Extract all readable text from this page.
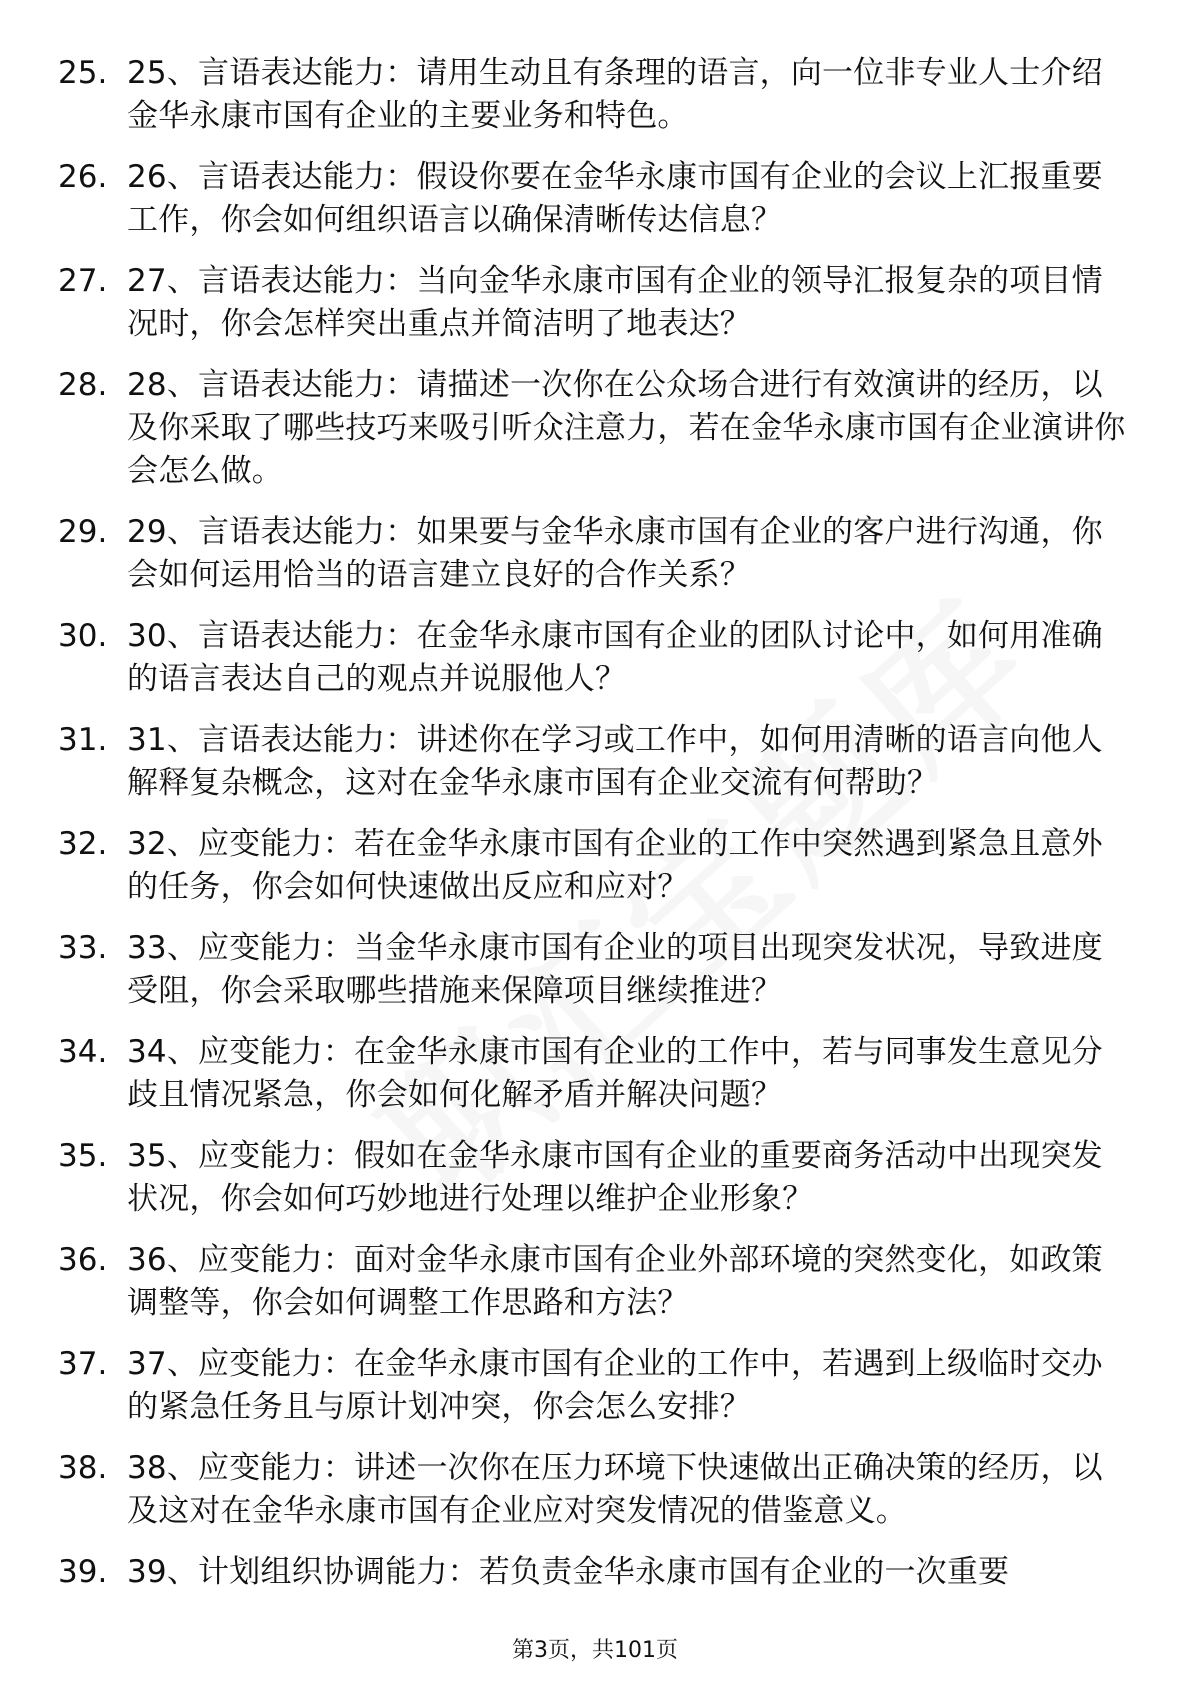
25. 25、言语表达能力：请用生动且有条理的语言，向一位非专业人士介绍金华永康市国有企业的主要业务和特色。
26. 26、言语表达能力：假设你要在金华永康市国有企业的会议上汇报重要工作，你会如何组织语言以确保清晰传达信息？
27. 27、言语表达能力：当向金华永康市国有企业的领导汇报复杂的项目情况时，你会怎样突出重点并简洁明了地表达？
28. 28、言语表达能力：请描述一次你在公众场合进行有效演讲的经历，以及你采取了哪些技巧来吸引听众注意力，若在金华永康市国有企业演讲你会怎么做。
29. 29、言语表达能力：如果要与金华永康市国有企业的客户进行沟通，你会如何运用恰当的语言建立良好的合作关系？
30. 30、言语表达能力：在金华永康市国有企业的团队讨论中，如何用准确的语言表达自己的观点并说服他人？
31. 31、言语表达能力：讲述你在学习或工作中，如何用清晰的语言向他人解释复杂概念，这对在金华永康市国有企业交流有何帮助？
32. 32、应变能力：若在金华永康市国有企业的工作中突然遇到紧急且意外的任务，你会如何快速做出反应和应对？
33. 33、应变能力：当金华永康市国有企业的项目出现突发状况，导致进度受阻，你会采取哪些措施来保障项目继续推进？
34. 34、应变能力：在金华永康市国有企业的工作中，若与同事发生意见分歧且情况紧急，你会如何化解矛盾并解决问题？
35. 35、应变能力：假如在金华永康市国有企业的重要商务活动中出现突发状况，你会如何巧妙地进行处理以维护企业形象？
36. 36、应变能力：面对金华永康市国有企业外部环境的突然变化，如政策调整等，你会如何调整工作思路和方法？
37. 37、应变能力：在金华永康市国有企业的工作中，若遇到上级临时交办的紧急任务且与原计划冲突，你会怎么安排？
38. 38、应变能力：讲述一次你在压力环境下快速做出正确决策的经历，以及这对在金华永康市国有企业应对突发情况的借鉴意义。
39. 39、计划组织协调能力：若负责金华永康市国有企业的一次重要
第3页，共101页
